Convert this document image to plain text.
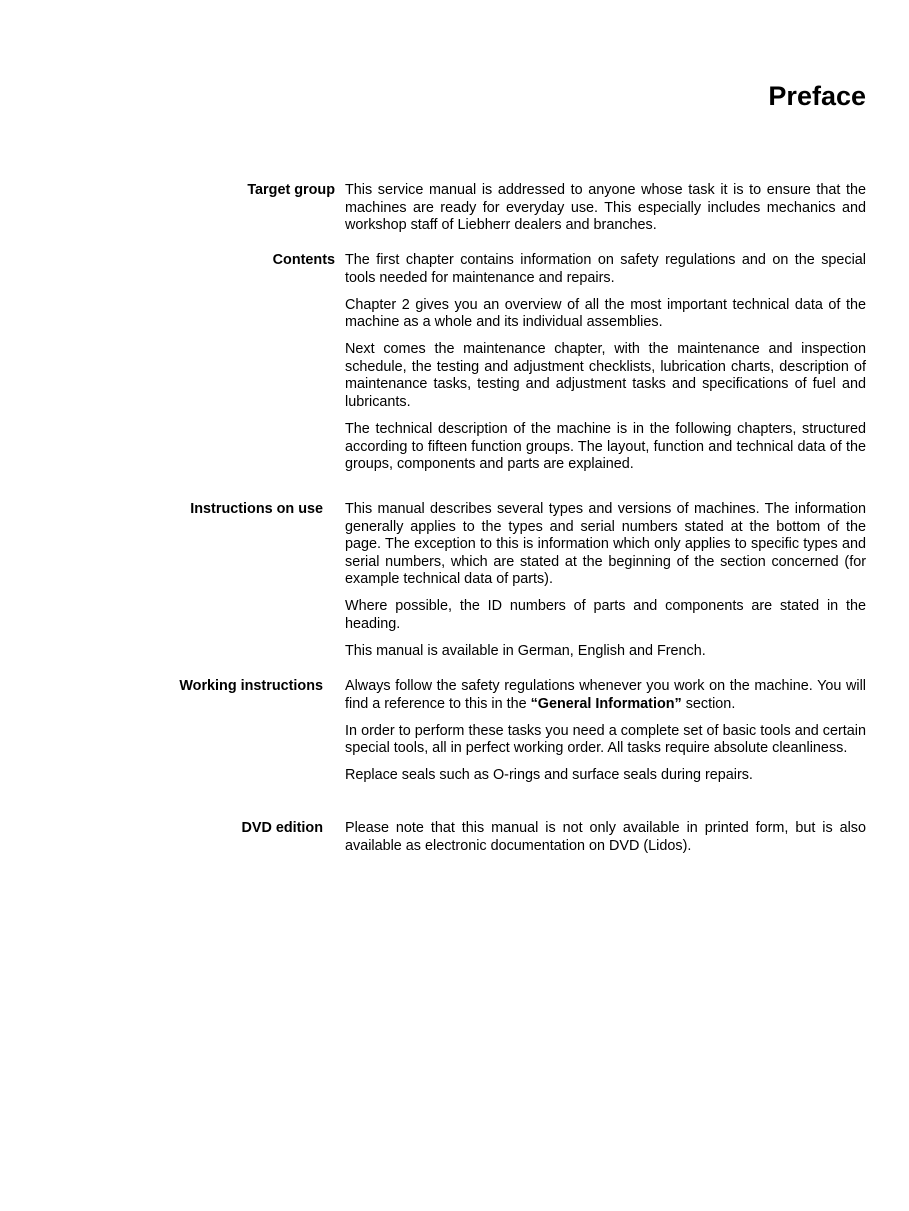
Preface
Target group This service manual is addressed to anyone whose task it is to ensure that the machines are ready for everyday use. This especially includes mechanics and workshop staff of Liebherr dealers and branches.

Contents The first chapter contains information on safety regulations and on the special tools needed for maintenance and repairs.

Chapter 2 gives you an overview of all the most important technical data of the machine as a whole and its individual assemblies.

Next comes the maintenance chapter, with the maintenance and inspection schedule, the testing and adjustment checklists, lubrication charts, description of maintenance tasks, testing and adjustment tasks and specifications of fuel and lubricants.

The technical description of the machine is in the following chapters, structured according to fifteen function groups. The layout, function and technical data of the groups, components and parts are explained.

Instructions on use This manual describes several types and versions of machines. The information generally applies to the types and serial numbers stated at the bottom of the page. The exception to this is information which only applies to specific types and serial numbers, which are stated at the beginning of the section concerned (for example technical data of parts).

Where possible, the ID numbers of parts and components are stated in the heading.

This manual is available in German, English and French.

Working instructions Always follow the safety regulations whenever you work on the machine. You will find a reference to this in the “General Information” section.

In order to perform these tasks you need a complete set of basic tools and certain special tools, all in perfect working order. All tasks require absolute cleanliness.

Replace seals such as O-rings and surface seals during repairs.

DVD edition Please note that this manual is not only available in printed form, but is also available as electronic documentation on DVD (Lidos).
